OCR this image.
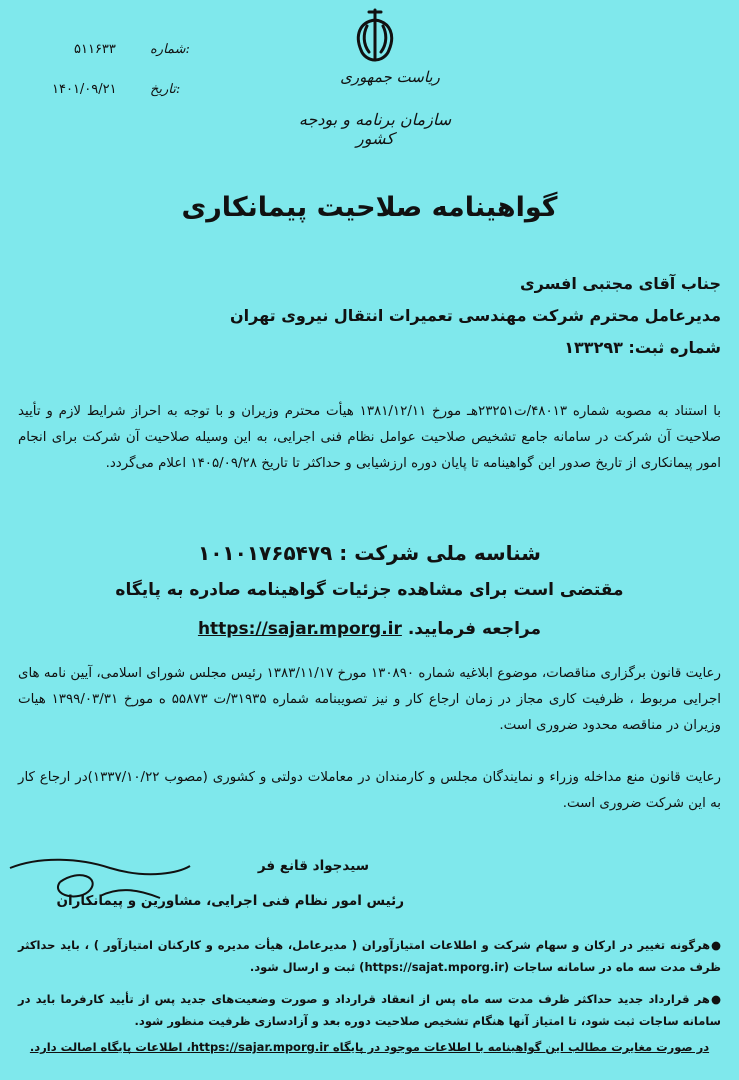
ریاست جمهوری
سازمان برنامه و بودجه کشور
شماره:
۵۱۱۶۳۳
تاریخ:
۱۴۰۱/۰۹/۲۱
گواهینامه صلاحیت پیمانکاری
جناب آقای مجتبی افسری
مدیرعامل محترم شرکت مهندسی تعمیرات انتقال نیروی تهران
شماره ثبت: ۱۳۳۲۹۳
با استناد به مصوبه شماره ۴۸۰۱۳/ت۲۳۲۵۱هـ مورخ ۱۳۸۱/۱۲/۱۱ هیأت محترم وزیران و با توجه به احراز شرایط لازم و تأیید صلاحیت آن شرکت در سامانه جامع تشخیص صلاحیت عوامل نظام فنی اجرایی، به این وسیله صلاحیت آن شرکت برای انجام امور پیمانکاری از تاریخ صدور این گواهینامه تا پایان دوره ارزشیابی و حداکثر تا تاریخ ۱۴۰۵/۰۹/۲۸ اعلام می‌گردد.
شناسه ملی شرکت : ۱۰۱۰۱۷۶۵۴۷۹
مقتضی است برای مشاهده جزئیات گواهینامه صادره به پایگاه
مراجعه فرمایید. https://sajar.mporg.ir
رعایت قانون برگزاری مناقصات، موضوع ابلاغیه شماره ۱۳۰۸۹۰ مورخ ۱۳۸۳/۱۱/۱۷ رئیس مجلس شورای اسلامی، آیین نامه های اجرایی مربوط ، ظرفیت کاری مجاز در زمان ارجاع کار و نیز تصویبنامه شماره ۳۱۹۳۵/ت ۵۵۸۷۳ ه مورخ ۱۳۹۹/۰۳/۳۱ هیات وزیران در مناقصه محدود ضروری است.
رعایت قانون منع مداخله وزراء و نمایندگان مجلس و کارمندان در معاملات دولتی و کشوری (مصوب ۱۳۳۷/۱۰/۲۲)در ارجاع کار به این شرکت ضروری است.
سیدجواد قانع فر
رئیس امور نظام فنی اجرایی، مشاورین و پیمانکاران
●هرگونه تغییر در ارکان و سهام شرکت و اطلاعات امتیازآوران ( مدیرعامل، هیأت مدیره و کارکنان امتیازآور ) ، باید حداکثر ظرف مدت سه ماه در سامانه ساجات (https://sajat.mporg.ir) ثبت و ارسال شود.
●هر قرارداد جدید حداکثر ظرف مدت سه ماه پس از انعقاد قرارداد و صورت وضعیت‌های جدید پس از تأیید کارفرما باید در سامانه ساجات ثبت شود، تا امتیاز آنها هنگام تشخیص صلاحیت دوره بعد و آزادسازی ظرفیت منظور شود.
در صورت مغایرت مطالب این گواهینامه با اطلاعات موجود در پایگاه https://sajar.mporg.ir، اطلاعات پایگاه اصالت دارد.
